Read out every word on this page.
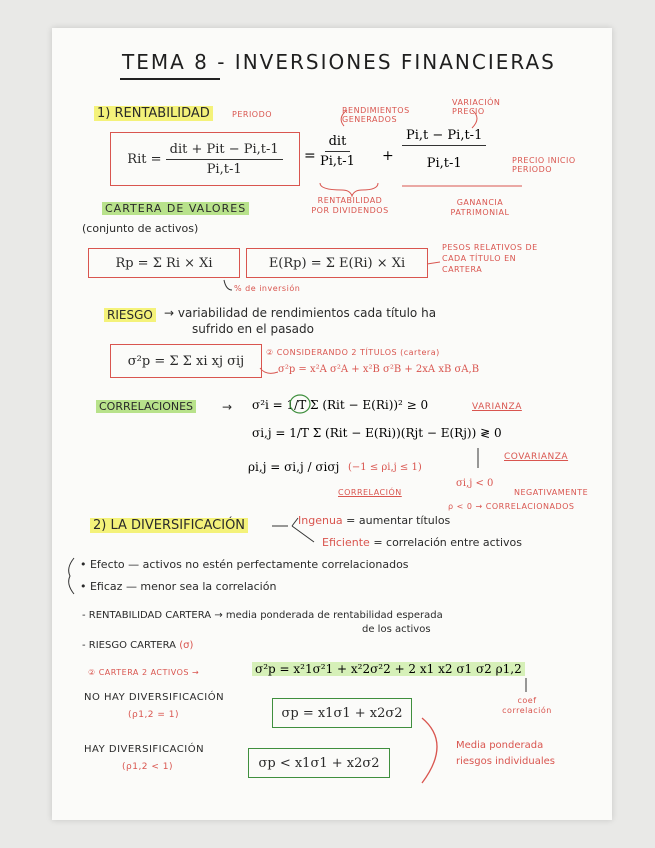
TEMA 8 - INVERSIONES FINANCIERAS
1) RENTABILIDAD	PERIODO	RENDIMIENTOS GENERADOS
VARIACIÓN PRECIO
Rit =
$\frac{\text{dit + Pit − Pi,t-1}}{Pi,t-1} = \frac{\text{dit}}{Pi,t-1} + \frac{Pi,t - Pi,t-1}{Pi,t-1}$	PRECIO INICIO PERIODO
RENTABILIDAD POR DIVIDENDOS
GANANCIA PATRIMONIAL
CARTERA DE VALORES
(conjunto de activos)
Rp = Σ Ri × Xi	E(Rp) = Σ E(Ri) × Xi
PESOS RELATIVOS DE CADA TÍTULO EN CARTERA
% de inversión
RIESGO → variabilidad de rendimientos cada título ha
sufrido en el pasado
σ²p = Σ Σ xi xj σij
② CONSIDERANDO 2 TÍTULOS (cartera)
σ²p = x²A σ²A + x²B σ²B + 2xA xB σA,B
CORRELACIONES → σ²i = 1/T Σ (Rit − E(Ri))² ≥ 0	VARIANZA
σi,j = 1/T Σ (Rit − E(Ri))(Rjt − E(Rj)) ≷ 0
COVARIANZA
ρi,j = σi,j / σiσj (−1 ≤ ρi,j ≤ 1)
CORRELACIÓN
σi,j < 0
NEGATIVAMENTE
ρ < 0 → CORRELACIONADOS
2) LA DIVERSIFICACIÓN	Ingenua = aumentar títulos
Eficiente = correlación entre activos
• Efecto — activos no estén perfectamente correlacionados
• Eficaz — menor sea la correlación
- RENTABILIDAD CARTERA → media ponderada de rentabilidad esperada
de los activos
- RIESGO CARTERA (σ)
② CARTERA 2 ACTIVOS →	σ²p = x²1σ²1 + x²2σ²2 + 2 x1 x2 σ1 σ2 ρ1,2
coef correlación
NO HAY DIVERSIFICACIÓN
(ρ1,2 = 1)	σp = x1σ1 + x2σ2
HAY DIVERSIFICACIÓN
(ρ1,2 < 1)	σp < x1σ1 + x2σ2
Media ponderada
riesgos individuales
